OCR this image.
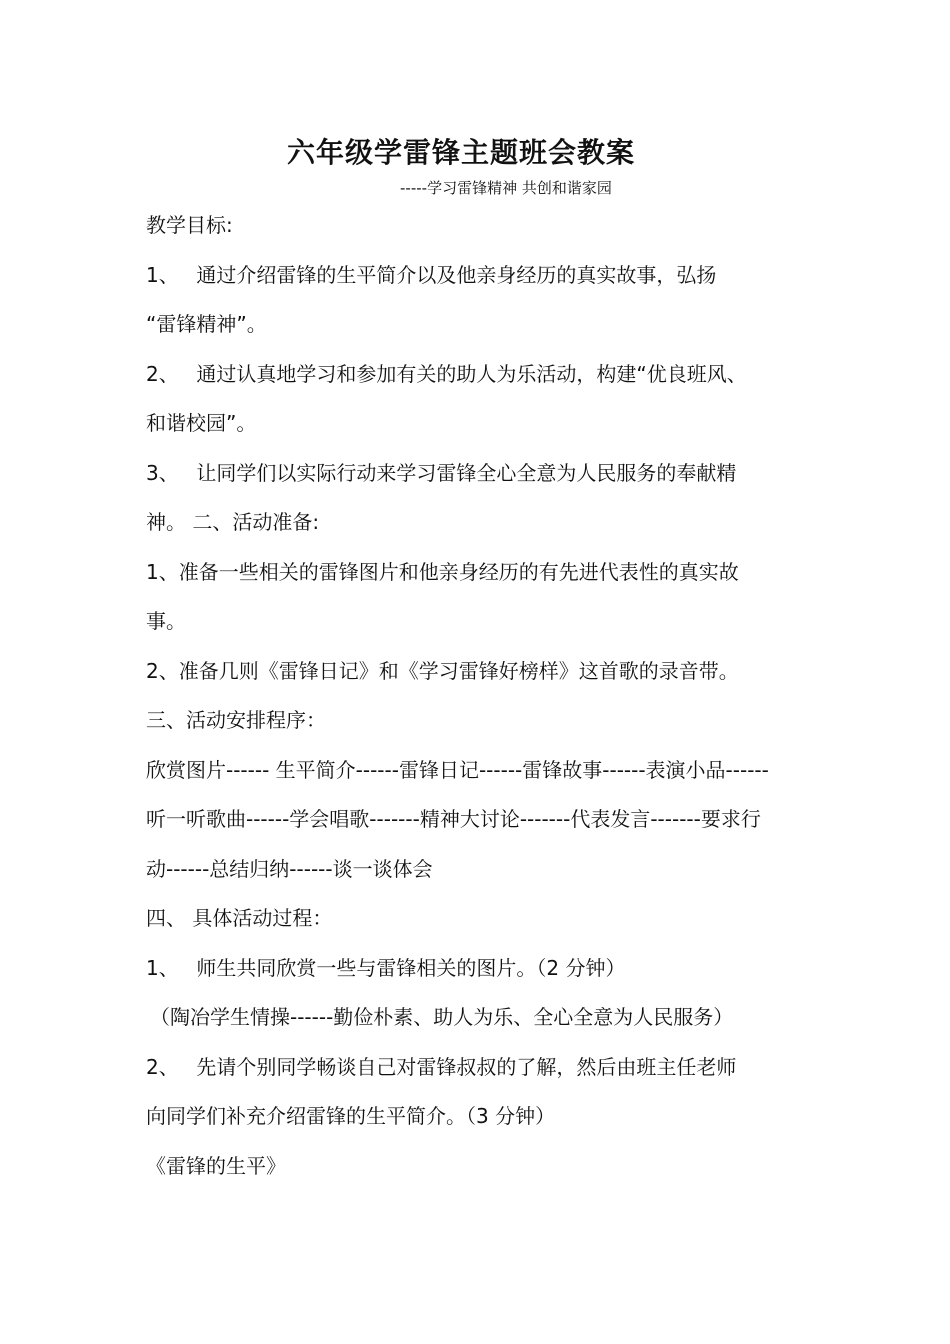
六年级学雷锋主题班会教案
-----学习雷锋精神 共创和谐家园
教学目标:
1、 通过介绍雷锋的生平简介以及他亲身经历的真实故事，弘扬
“雷锋精神”。
2、 通过认真地学习和参加有关的助人为乐活动，构建“优良班风、
和谐校园”。
3、 让同学们以实际行动来学习雷锋全心全意为人民服务的奉献精
神。 二、活动准备:
1、准备一些相关的雷锋图片和他亲身经历的有先进代表性的真实故
事。
2、准备几则《雷锋日记》和《学习雷锋好榜样》这首歌的录音带。
三、活动安排程序：
欣赏图片------ 生平简介------雷锋日记------雷锋故事------表演小品------
听一听歌曲------学会唱歌-------精神大讨论-------代表发言-------要求行
动------总结归纳------谈一谈体会
四、 具体活动过程：
1、 师生共同欣赏一些与雷锋相关的图片。（2 分钟）
（陶冶学生情操------勤俭朴素、助人为乐、全心全意为人民服务）
2、 先请个别同学畅谈自己对雷锋叔叔的了解，然后由班主任老师
向同学们补充介绍雷锋的生平简介。（3 分钟）
《雷锋的生平》
